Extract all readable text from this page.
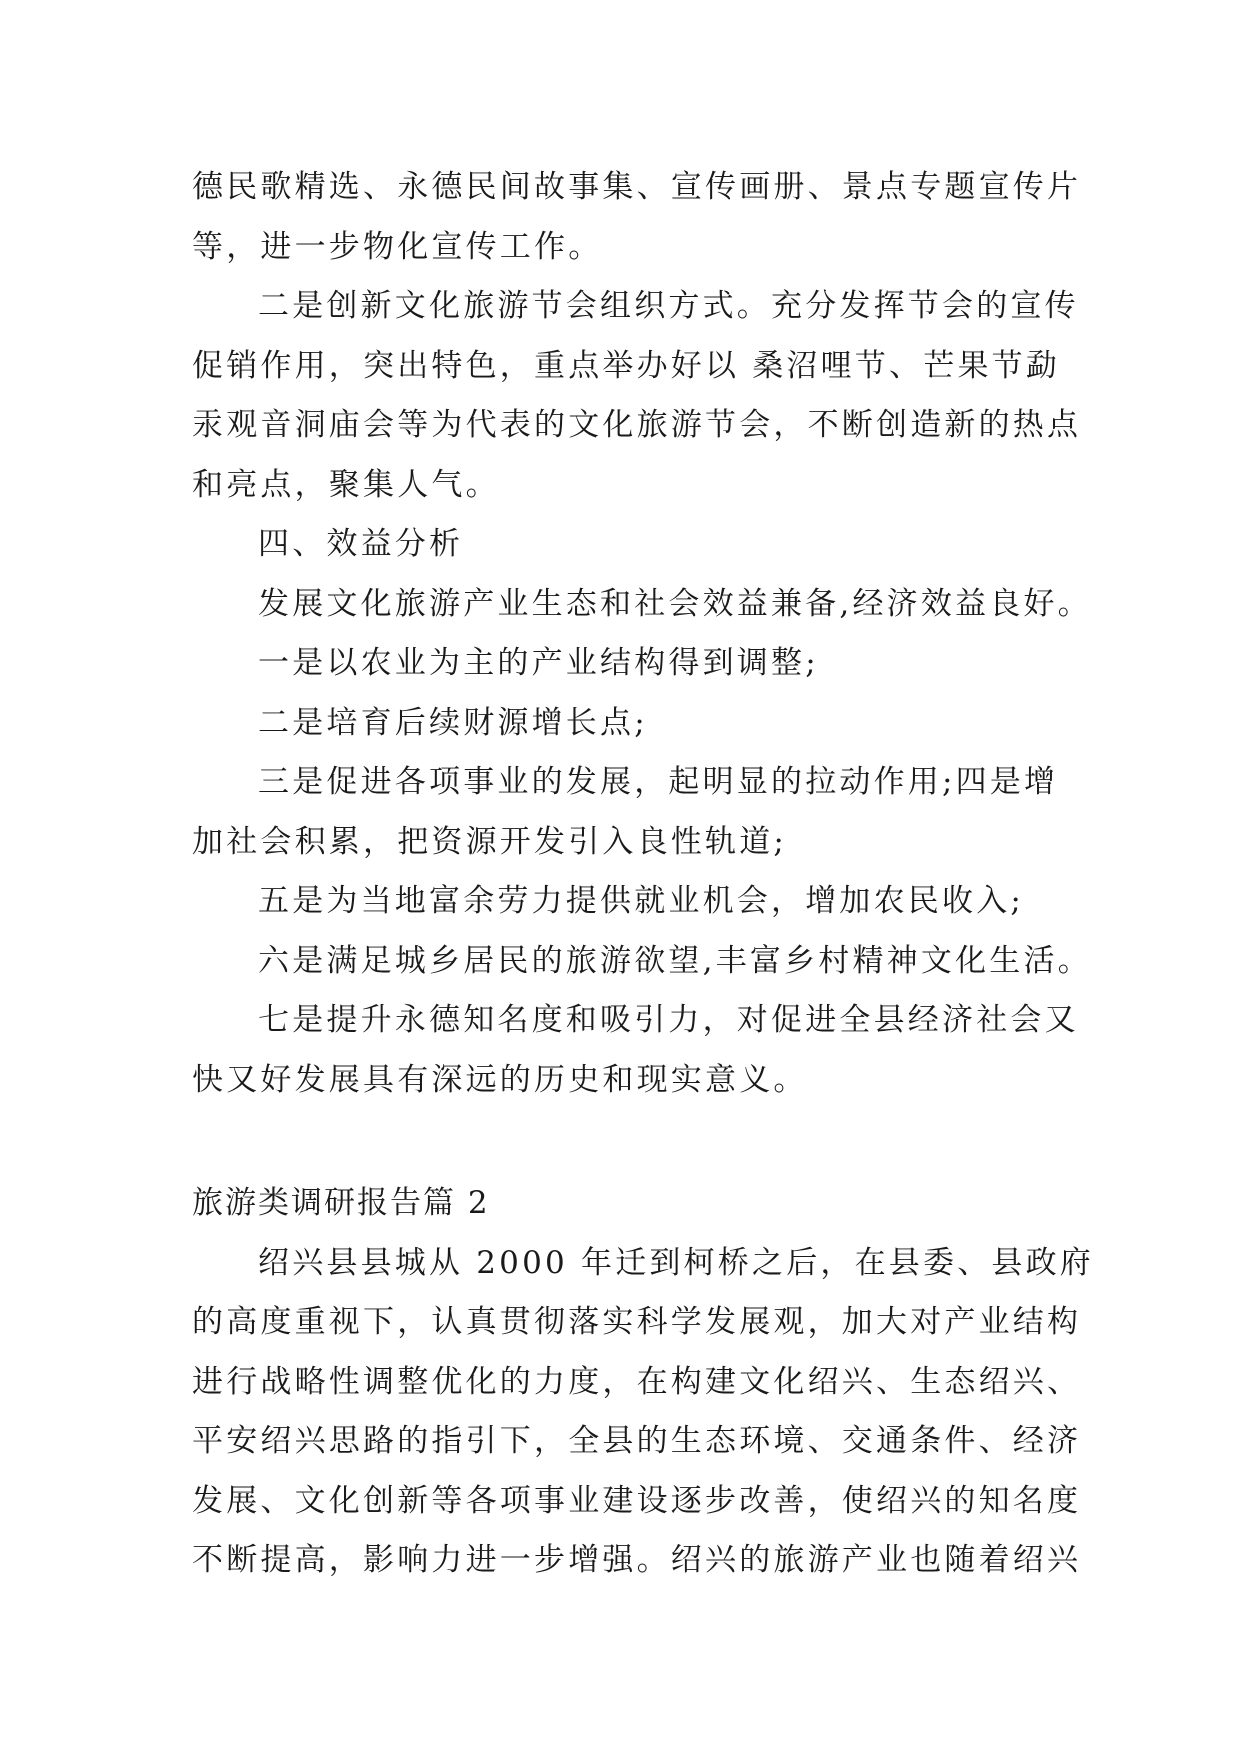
德民歌精选、永德民间故事集、宣传画册、景点专题宣传片
等，进一步物化宣传工作。
二是创新文化旅游节会组织方式。充分发挥节会的宣传
促销作用，突出特色，重点举办好以 桑沼哩节、芒果节勐
汞观音洞庙会等为代表的文化旅游节会，不断创造新的热点
和亮点，聚集人气。
四、效益分析
发展文化旅游产业生态和社会效益兼备,经济效益良好。
一是以农业为主的产业结构得到调整;
二是培育后续财源增长点;
三是促进各项事业的发展，起明显的拉动作用;四是增
加社会积累，把资源开发引入良性轨道;
五是为当地富余劳力提供就业机会，增加农民收入;
六是满足城乡居民的旅游欲望,丰富乡村精神文化生活。
七是提升永德知名度和吸引力，对促进全县经济社会又
快又好发展具有深远的历史和现实意义。
旅游类调研报告篇 2
绍兴县县城从 2000 年迁到柯桥之后，在县委、县政府
的高度重视下，认真贯彻落实科学发展观，加大对产业结构
进行战略性调整优化的力度，在构建文化绍兴、生态绍兴、
平安绍兴思路的指引下，全县的生态环境、交通条件、经济
发展、文化创新等各项事业建设逐步改善，使绍兴的知名度
不断提高，影响力进一步增强。绍兴的旅游产业也随着绍兴
